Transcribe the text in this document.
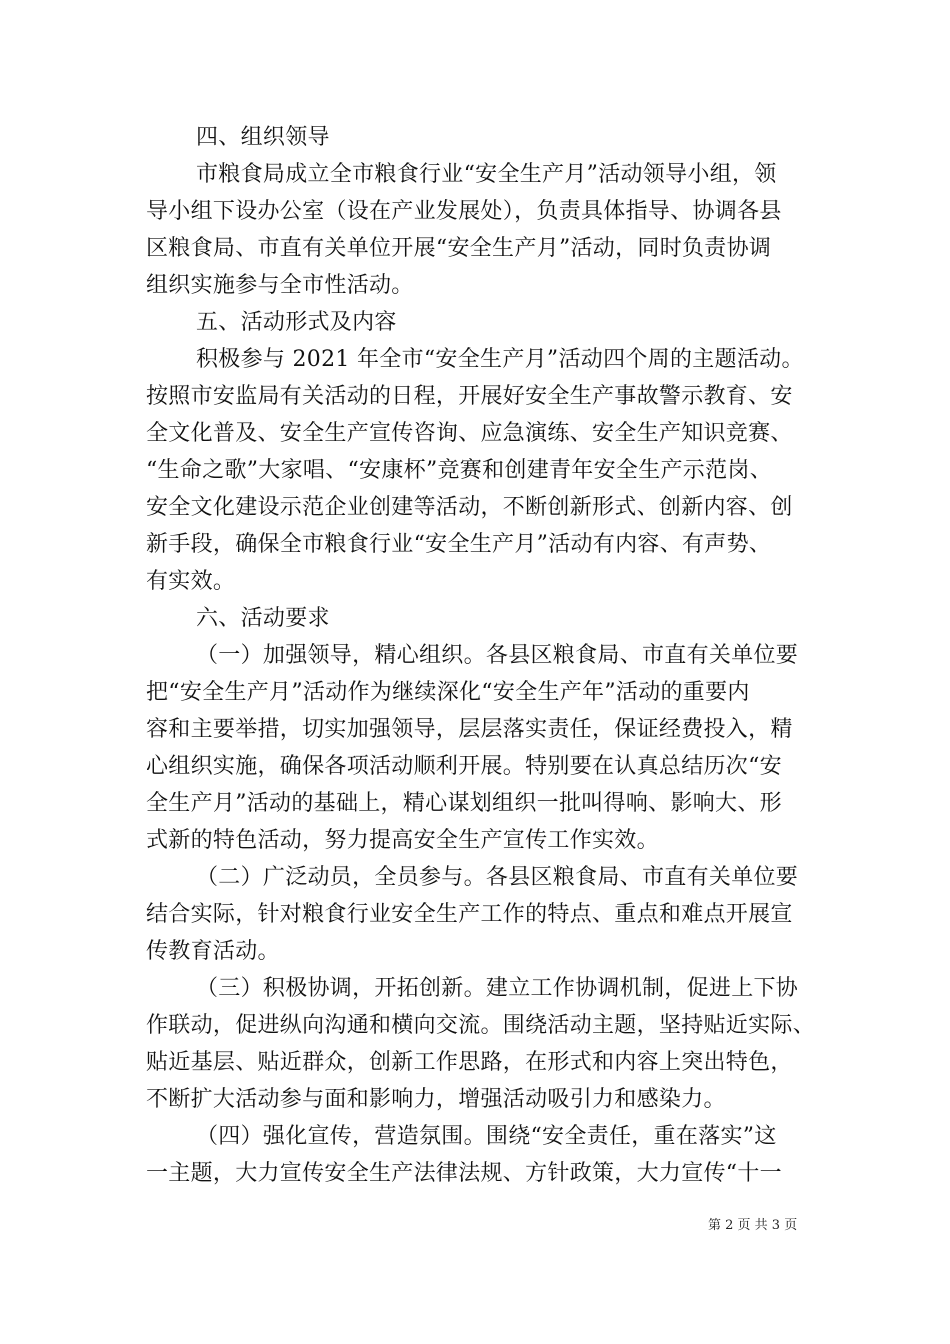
四、组织领导
市粮食局成立全市粮食行业“安全生产月”活动领导小组，领
导小组下设办公室（设在产业发展处），负责具体指导、协调各县
区粮食局、市直有关单位开展“安全生产月”活动，同时负责协调
组织实施参与全市性活动。
五、活动形式及内容
积极参与 2021 年全市“安全生产月”活动四个周的主题活动。
按照市安监局有关活动的日程，开展好安全生产事故警示教育、安
全文化普及、安全生产宣传咨询、应急演练、安全生产知识竞赛、
“生命之歌”大家唱、“安康杯”竞赛和创建青年安全生产示范岗、
安全文化建设示范企业创建等活动，不断创新形式、创新内容、创
新手段，确保全市粮食行业“安全生产月”活动有内容、有声势、
有实效。
六、活动要求
（一）加强领导，精心组织。各县区粮食局、市直有关单位要
把“安全生产月”活动作为继续深化“安全生产年”活动的重要内
容和主要举措，切实加强领导，层层落实责任，保证经费投入，精
心组织实施，确保各项活动顺利开展。特别要在认真总结历次“安
全生产月”活动的基础上，精心谋划组织一批叫得响、影响大、形
式新的特色活动，努力提高安全生产宣传工作实效。
（二）广泛动员，全员参与。各县区粮食局、市直有关单位要
结合实际，针对粮食行业安全生产工作的特点、重点和难点开展宣
传教育活动。
（三）积极协调，开拓创新。建立工作协调机制，促进上下协
作联动，促进纵向沟通和横向交流。围绕活动主题，坚持贴近实际、
贴近基层、贴近群众，创新工作思路，在形式和内容上突出特色，
不断扩大活动参与面和影响力，增强活动吸引力和感染力。
（四）强化宣传，营造氛围。围绕“安全责任，重在落实”这
一主题，大力宣传安全生产法律法规、方针政策，大力宣传“十一
第 2 页 共 3 页
